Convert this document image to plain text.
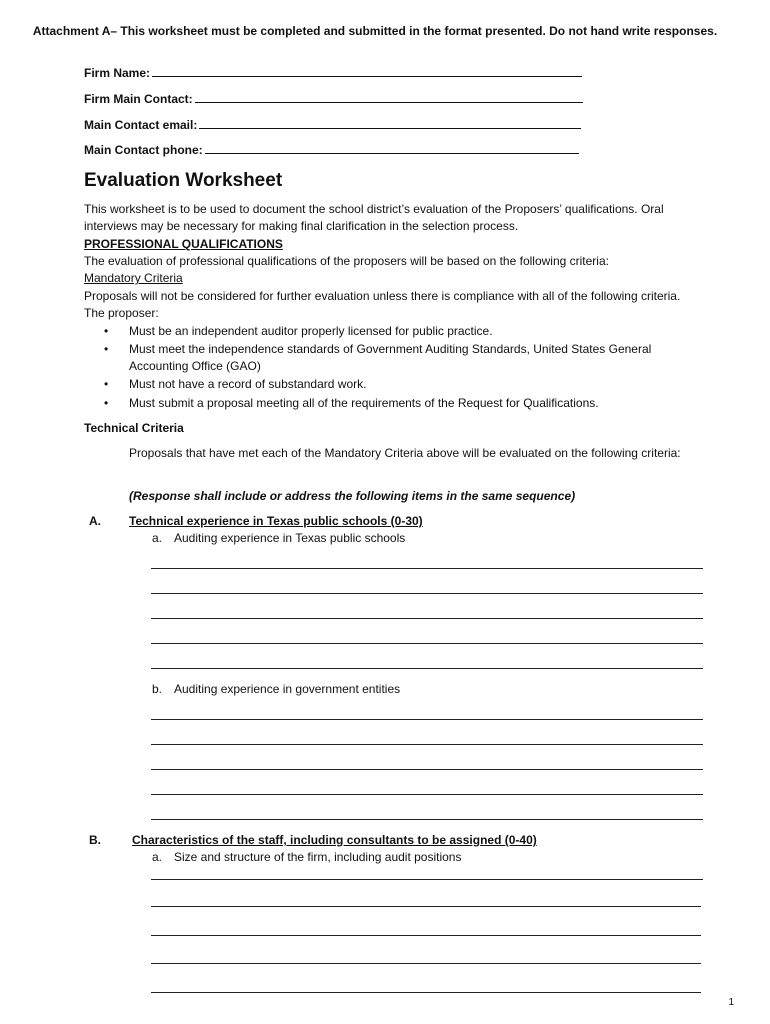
Attachment A– This worksheet must be completed and submitted in the format presented. Do not hand write responses.
Firm Name:
Firm Main Contact:
Main Contact email:
Main Contact phone:
Evaluation Worksheet
This worksheet is to be used to document the school district’s evaluation of the Proposers’ qualifications. Oral interviews may be necessary for making final clarification in the selection process.
PROFESSIONAL QUALIFICATIONS
The evaluation of professional qualifications of the proposers will be based on the following criteria:
Mandatory Criteria
Proposals will not be considered for further evaluation unless there is compliance with all of the following criteria. The proposer:
• Must be an independent auditor properly licensed for public practice.
• Must meet the independence standards of Government Auditing Standards, United States General Accounting Office (GAO)
• Must not have a record of substandard work.
• Must submit a proposal meeting all of the requirements of the Request for Qualifications.
Technical Criteria
Proposals that have met each of the Mandatory Criteria above will be evaluated on the following criteria:
(Response shall include or address the following items in the same sequence)
A. Technical experience in Texas public schools (0-30)
a. Auditing experience in Texas public schools
b. Auditing experience in government entities
B.	Characteristics of the staff, including consultants to be assigned (0-40)
a. Size and structure of the firm, including audit positions
1
